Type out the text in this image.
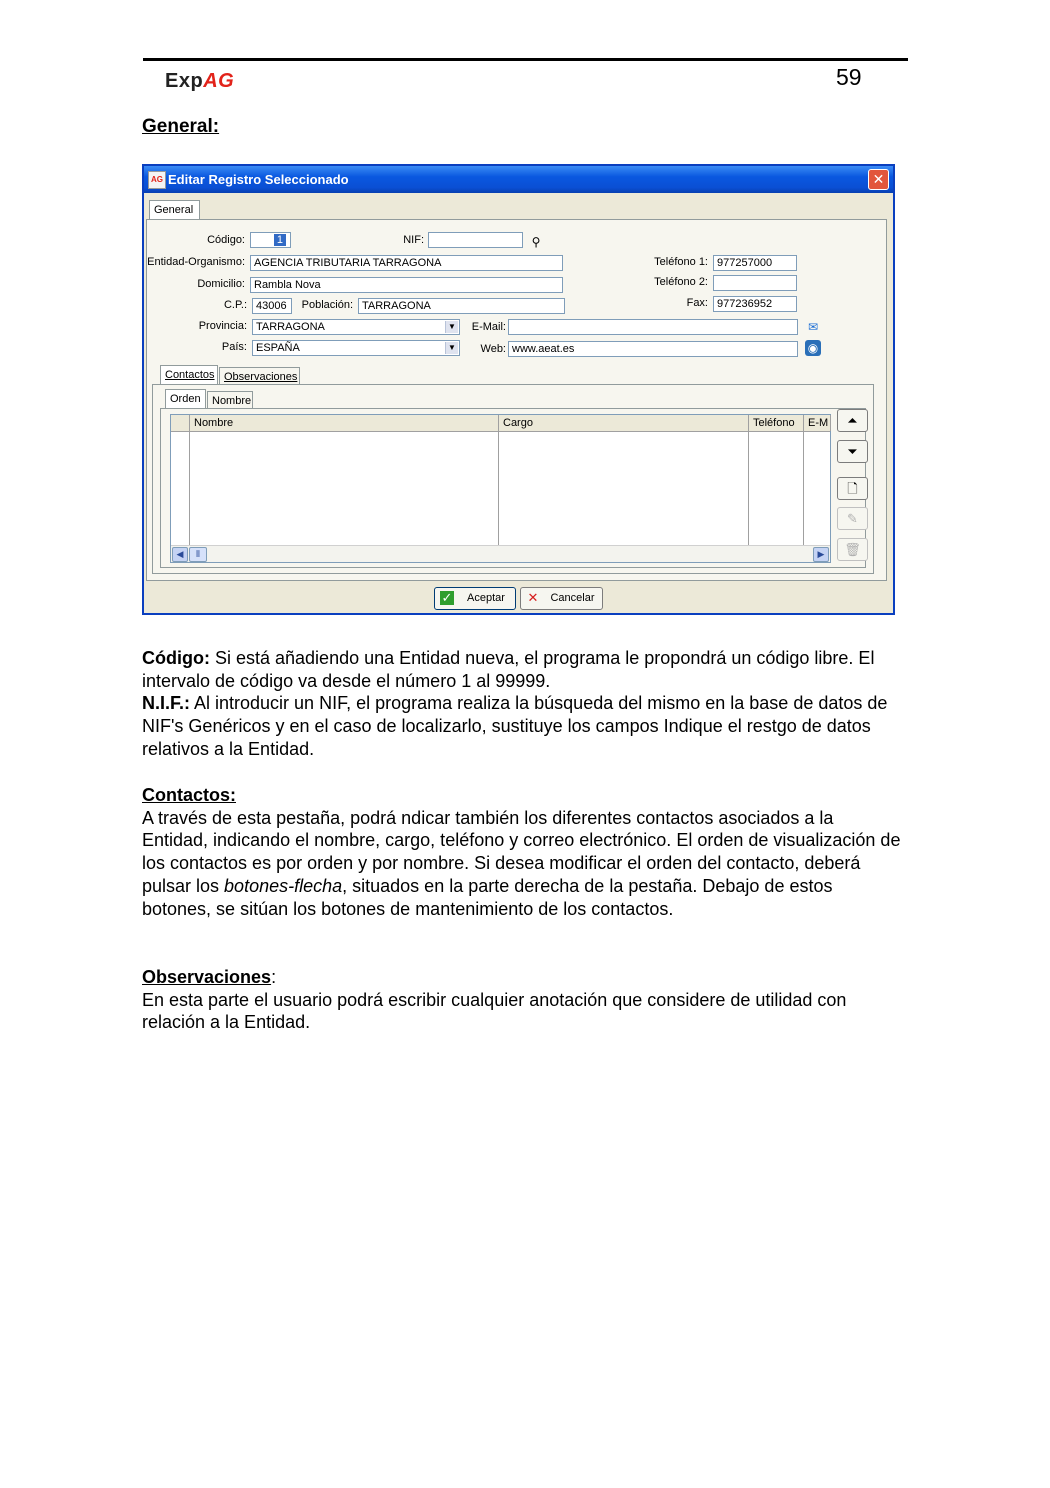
ExpAG	59
General:
AG Editar Registro Seleccionado	✕
General
Código:	1	NIF:	⚲
Entidad-Organismo: AGENCIA TRIBUTARIA TARRAGONA
Domicilio: Rambla Nova
C.P.: 43006	Población: TARRAGONA
Teléfono 1: 977257000
Teléfono 2:
Fax: 977236952
Provincia: TARRAGONA	▼	E-Mail:	✉
País: ESPAÑA	▼	Web: www.aeat.es	◉
Contactos Observaciones
Orden	Nombre
Nombre	Cargo	Teléfono	E-M
◀	⦀	▶
⏶
⏷
🗋
✎
🗑
✓	Aceptar	✕	Cancelar

Código: Si está añadiendo una Entidad nueva, el programa le propondrá un código libre. El intervalo de código va desde el número 1 al 99999.

N.I.F.: Al introducir un NIF, el programa realiza la búsqueda del mismo en la base de datos de NIF's Genéricos y en el caso de localizarlo, sustituye los campos Indique el restgo de datos relativos a la Entidad.

Contactos:

A través de esta pestaña, podrá ndicar también los diferentes contactos asociados a la Entidad, indicando el nombre, cargo, teléfono y correo electrónico. El orden de visualización de los contactos es por orden y por nombre. Si desea modificar el orden del contacto, deberá pulsar los botones-flecha, situados en la parte derecha de la pestaña. Debajo de estos botones, se sitúan los botones de mantenimiento de los contactos.

Observaciones:

En esta parte el usuario podrá escribir cualquier anotación que considere de utilidad con relación a la Entidad.
